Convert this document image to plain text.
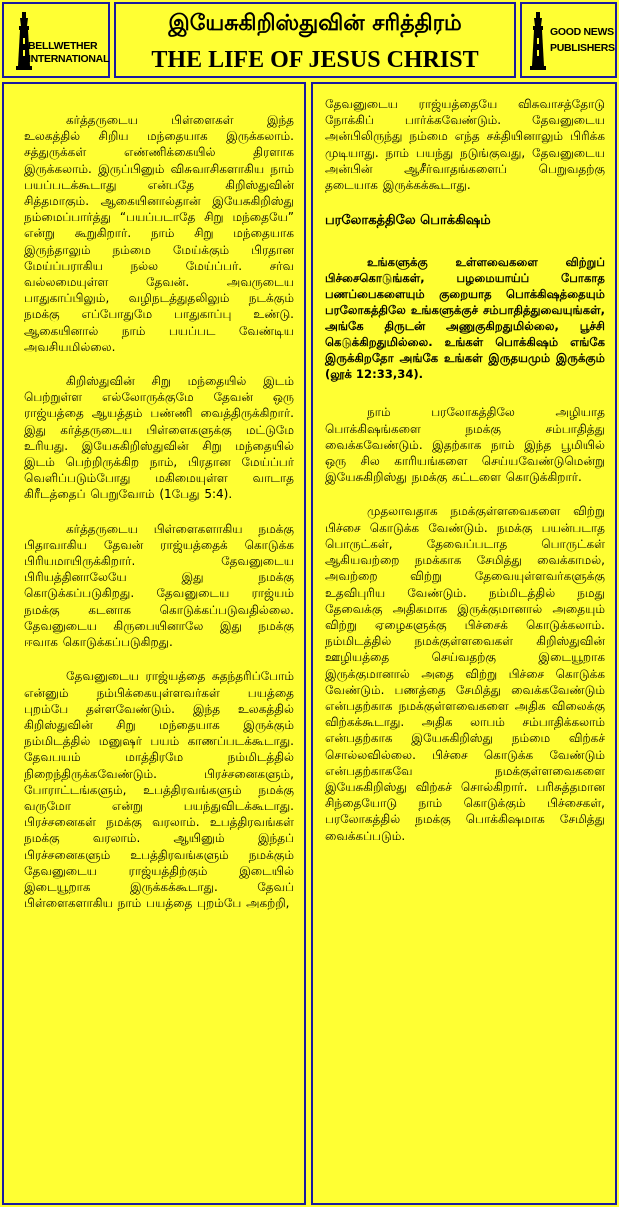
BELLWETHER
INTERNATIONAL
இயேசுகிறிஸ்துவின் சரித்திரம்
THE LIFE OF JESUS CHRIST
GOOD NEWS
PUBLISHERS

கர்த்தருடைய பிள்ளைகள் இந்த உலகத்தில் சிறிய மந்தையாக இருக்கலாம். சத்துருக்கள் எண்ணிக்கையில் திரளாக இருக்கலாம். இருப்பினும் விசுவாசிகளாகிய நாம் பயப்படக்கூடாது என்பதே கிறிஸ்துவின் சித்தமாகும். ஆகையினால்தான் இயேசுகிறிஸ்து நம்மைப்பார்த்து “பயப்படாதே சிறு மந்தையே” என்று கூறுகிறார். நாம் சிறு மந்தையாக இருந்தாலும் நம்மை மேய்க்கும் பிரதான மேய்ப்பராகிய நல்ல மேய்ப்பர். சர்வ வல்லமையுள்ள தேவன். அவருடைய பாதுகாப்பிலும், வழிநடத்துதலிலும் நடக்கும் நமக்கு எப்போதுமே பாதுகாப்பு உண்டு. ஆகையினால் நாம் பயப்பட வேண்டிய அவசியமில்லை.

கிறிஸ்துவின் சிறு மந்தையில் இடம் பெற்றுள்ள எல்லோருக்குமே தேவன் ஒரு ராஜ்யத்தை ஆயத்தம் பண்ணி வைத்திருக்கிறார். இது கர்த்தருடைய பிள்ளைகளுக்கு மட்டுமே உரியது. இயேசுகிறிஸ்துவின் சிறு மந்தையில் இடம் பெற்றிருக்கிற நாம், பிரதான மேய்ப்பர் வெளிப்படும்போது மகிமையுள்ள வாடாத கிரீடத்தைப் பெறுவோம் (1பேது 5:4).

கர்த்தருடைய பிள்ளைகளாகிய நமக்கு பிதாவாகிய தேவன் ராஜ்யத்தைக் கொடுக்க பிரியமாயிருக்கிறார். தேவனுடைய பிரியத்தினாலேயே இது நமக்கு கொடுக்கப்படுகிறது. தேவனுடைய ராஜ்யம் நமக்கு கடனாக கொடுக்கப்படுவதில்லை. தேவனுடைய கிருபையினாலே இது நமக்கு ஈவாக கொடுக்கப்படுகிறது.

தேவனுடைய ராஜ்யத்தை சுதந்தரிப்போம் என்னும் நம்பிக்கையுள்ளவர்கள் பயத்தை புறம்பே தள்ளவேண்டும். இந்த உலகத்தில் கிறிஸ்துவின் சிறு மந்தையாக இருக்கும் நம்மிடத்தில் மனுஷர் பயம் காணப்படக்கூடாது. தேவபயம் மாத்திரமே நம்மிடத்தில் நிறைந்திருக்கவேண்டும். பிரச்சனைகளும், போராட்டங்களும், உபத்திரவங்களும் நமக்கு வருமோ என்று பயந்துவிடக்கூடாது. பிரச்சனைகள் நமக்கு வரலாம். உபத்திரவங்கள் நமக்கு வரலாம். ஆயினும் இந்தப் பிரச்சனைகளும் உபத்திரவங்களும் நமக்கும் தேவனுடைய ராஜ்யத்திற்கும் இடையில் இடையூறாக இருக்கக்கூடாது. தேவப் பிள்ளைகளாகிய நாம் பயத்தை புறம்பே அகற்றி,

தேவனுடைய ராஜ்யத்தையே விசுவாசத்தோடு நோக்கிப் பார்க்கவேண்டும். தேவனுடைய அன்பிலிருந்து நம்மை எந்த சக்தியினாலும் பிரிக்க முடியாது. நாம் பயந்து நடுங்குவது, தேவனுடைய அன்பின் ஆசீர்வாதங்களைப் பெறுவதற்கு தடையாக இருக்கக்கூடாது.

பரலோகத்திலே பொக்கிஷம்
உங்களுக்கு உள்ளவைகளை விற்றுப் பிச்சைகொடுங்கள், பழமையாய்ப் போகாத பணப்பைகளையும் குறையாத பொக்கிஷத்தையும் பரலோகத்திலே உங்களுக்குச் சம்பாதித்துவையுங்கள், அங்கே திருடன் அணுகுகிறதுமில்லை, பூச்சி கெடுக்கிறதுமில்லை. உங்கள் பொக்கிஷம் எங்கே இருக்கிறதோ அங்கே உங்கள் இருதயமும் இருக்கும் (லூக் 12:33,34).

நாம் பரலோகத்திலே அழியாத பொக்கிஷங்களை நமக்கு சம்பாதித்து வைக்கவேண்டும். இதற்காக நாம் இந்த பூமியில் ஒரு சில காரியங்களை செய்யவேண்டுமென்று இயேசுகிறிஸ்து நமக்கு கட்டளை கொடுக்கிறார்.

முதலாவதாக நமக்குள்ளவைகளை விற்று பிச்சை கொடுக்க வேண்டும். நமக்கு பயன்படாத பொருட்கள், தேவைப்படாத பொருட்கள் ஆகியவற்றை நமக்காக சேமித்து வைக்காமல், அவற்றை விற்று தேவையுள்ளவர்களுக்கு உதவிபுரிய வேண்டும். நம்மிடத்தில் நமது தேவைக்கு அதிகமாக இருக்குமானால் அதையும் விற்று ஏழைகளுக்கு பிச்சைக் கொடுக்கலாம். நம்மிடத்தில் நமக்குள்ளவைகள் கிறிஸ்துவின் ஊழியத்தை செய்வதற்கு இடையூறாக இருக்குமானால் அதை விற்று பிச்சை கொடுக்க வேண்டும். பணத்தை சேமித்து வைக்கவேண்டும் என்பதற்காக நமக்குள்ளவைகளை அதிக விலைக்கு விற்கக்கூடாது. அதிக லாபம் சம்பாதிக்கலாம் என்பதற்காக இயேசுகிறிஸ்து நம்மை விற்கச் சொல்லவில்லை. பிச்சை கொடுக்க வேண்டும் என்பதற்காகவே நமக்குள்ளவைகளை இயேசுகிறிஸ்து விற்கச் சொல்கிறார். பரிசுத்தமான சிந்தையோடு நாம் கொடுக்கும் பிச்சைகள், பரலோகத்தில் நமக்கு பொக்கிஷமாக சேமித்து வைக்கப்படும்.
